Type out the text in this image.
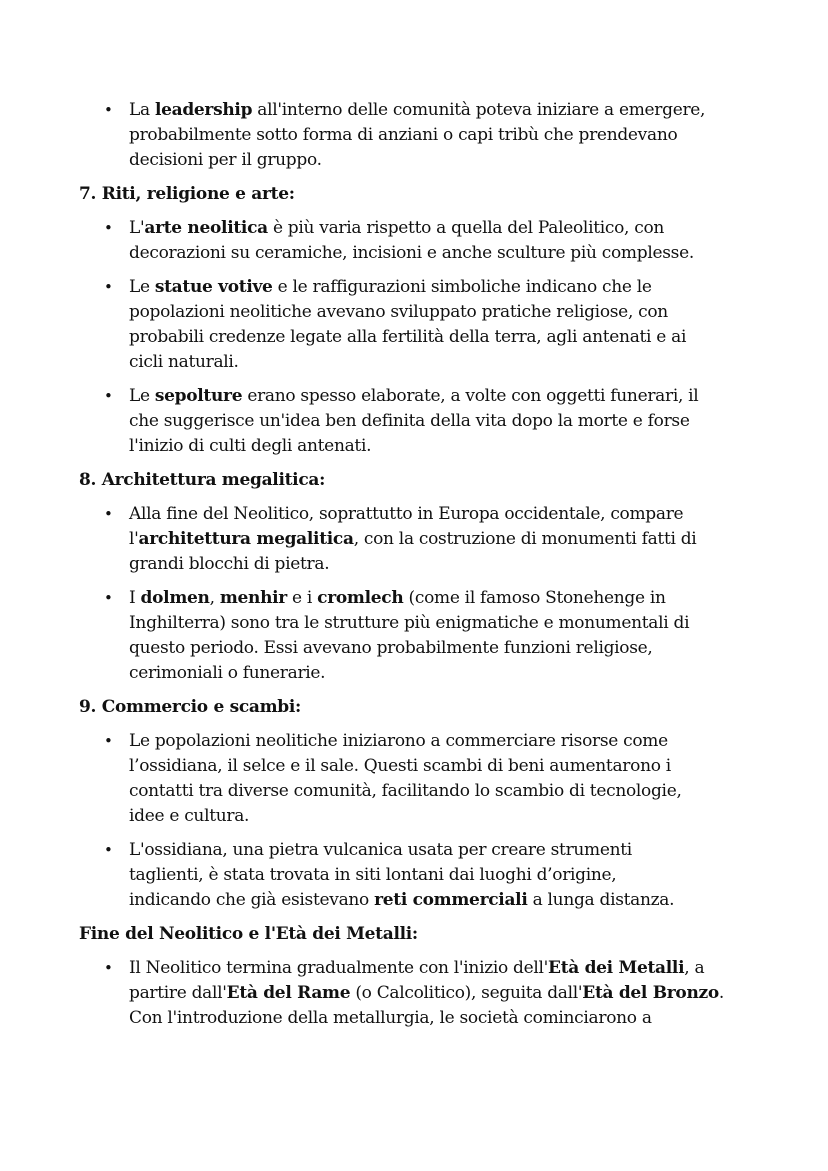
• La leadership all'interno delle comunità poteva iniziare a emergere,
probabilmente sotto forma di anziani o capi tribù che prendevano
decisioni per il gruppo.
7. Riti, religione e arte:
• L'arte neolitica è più varia rispetto a quella del Paleolitico, con
decorazioni su ceramiche, incisioni e anche sculture più complesse.
• Le statue votive e le raffigurazioni simboliche indicano che le
popolazioni neolitiche avevano sviluppato pratiche religiose, con
probabili credenze legate alla fertilità della terra, agli antenati e ai
cicli naturali.
• Le sepolture erano spesso elaborate, a volte con oggetti funerari, il
che suggerisce un'idea ben definita della vita dopo la morte e forse
l'inizio di culti degli antenati.
8. Architettura megalitica:
• Alla fine del Neolitico, soprattutto in Europa occidentale, compare
l'architettura megalitica, con la costruzione di monumenti fatti di
grandi blocchi di pietra.
• I dolmen, menhir e i cromlech (come il famoso Stonehenge in
Inghilterra) sono tra le strutture più enigmatiche e monumentali di
questo periodo. Essi avevano probabilmente funzioni religiose,
cerimoniali o funerarie.
9. Commercio e scambi:
• Le popolazioni neolitiche iniziarono a commerciare risorse come
l’ossidiana, il selce e il sale. Questi scambi di beni aumentarono i
contatti tra diverse comunità, facilitando lo scambio di tecnologie,
idee e cultura.
• L'ossidiana, una pietra vulcanica usata per creare strumenti
taglienti, è stata trovata in siti lontani dai luoghi d’origine,
indicando che già esistevano reti commerciali a lunga distanza.
Fine del Neolitico e l'Età dei Metalli:
• Il Neolitico termina gradualmente con l'inizio dell'Età dei Metalli, a
partire dall'Età del Rame (o Calcolitico), seguita dall'Età del Bronzo.
Con l'introduzione della metallurgia, le società cominciarono a
